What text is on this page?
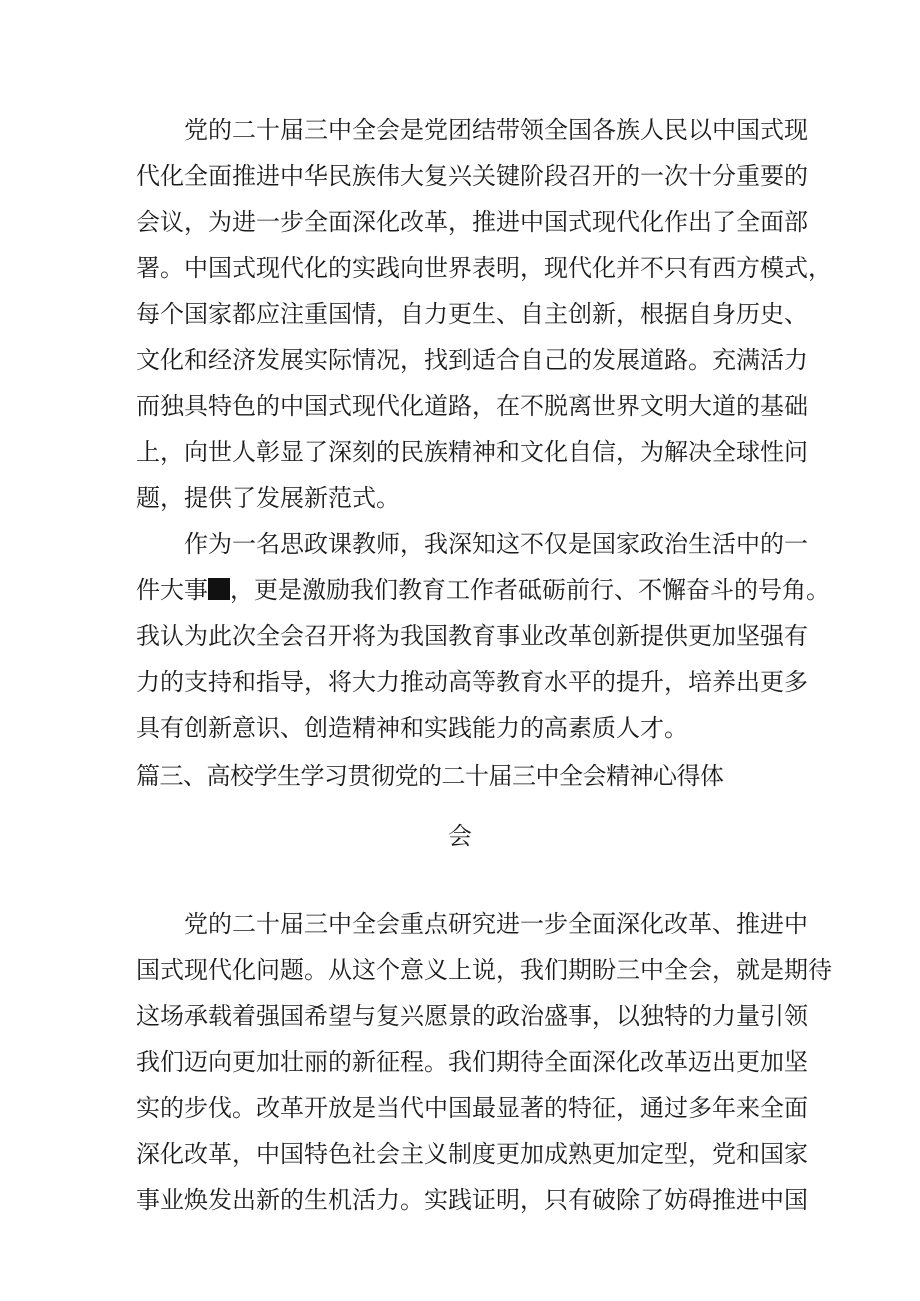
党的二十届三中全会是党团结带领全国各族人民以中国式现
代化全面推进中华民族伟大复兴关键阶段召开的一次十分重要的
会议，为进一步全面深化改革，推进中国式现代化作出了全面部
署。中国式现代化的实践向世界表明，现代化并不只有西方模式，
每个国家都应注重国情，自力更生、自主创新，根据自身历史、
文化和经济发展实际情况，找到适合自己的发展道路。充满活力
而独具特色的中国式现代化道路，在不脱离世界文明大道的基础
上，向世人彰显了深刻的民族精神和文化自信，为解决全球性问
题，提供了发展新范式。
作为一名思政课教师，我深知这不仅是国家政治生活中的一
件大事 ，更是激励我们教育工作者砥砺前行、不懈奋斗的号角。
我认为此次全会召开将为我国教育事业改革创新提供更加坚强有
力的支持和指导，将大力推动高等教育水平的提升，培养出更多
具有创新意识、创造精神和实践能力的高素质人才。
篇三、高校学生学习贯彻党的二十届三中全会精神心得体
会
党的二十届三中全会重点研究进一步全面深化改革、推进中
国式现代化问题。从这个意义上说，我们期盼三中全会，就是期待
这场承载着强国希望与复兴愿景的政治盛事，以独特的力量引领
我们迈向更加壮丽的新征程。我们期待全面深化改革迈出更加坚
实的步伐。改革开放是当代中国最显著的特征，通过多年来全面
深化改革，中国特色社会主义制度更加成熟更加定型，党和国家
事业焕发出新的生机活力。实践证明，只有破除了妨碍推进中国
